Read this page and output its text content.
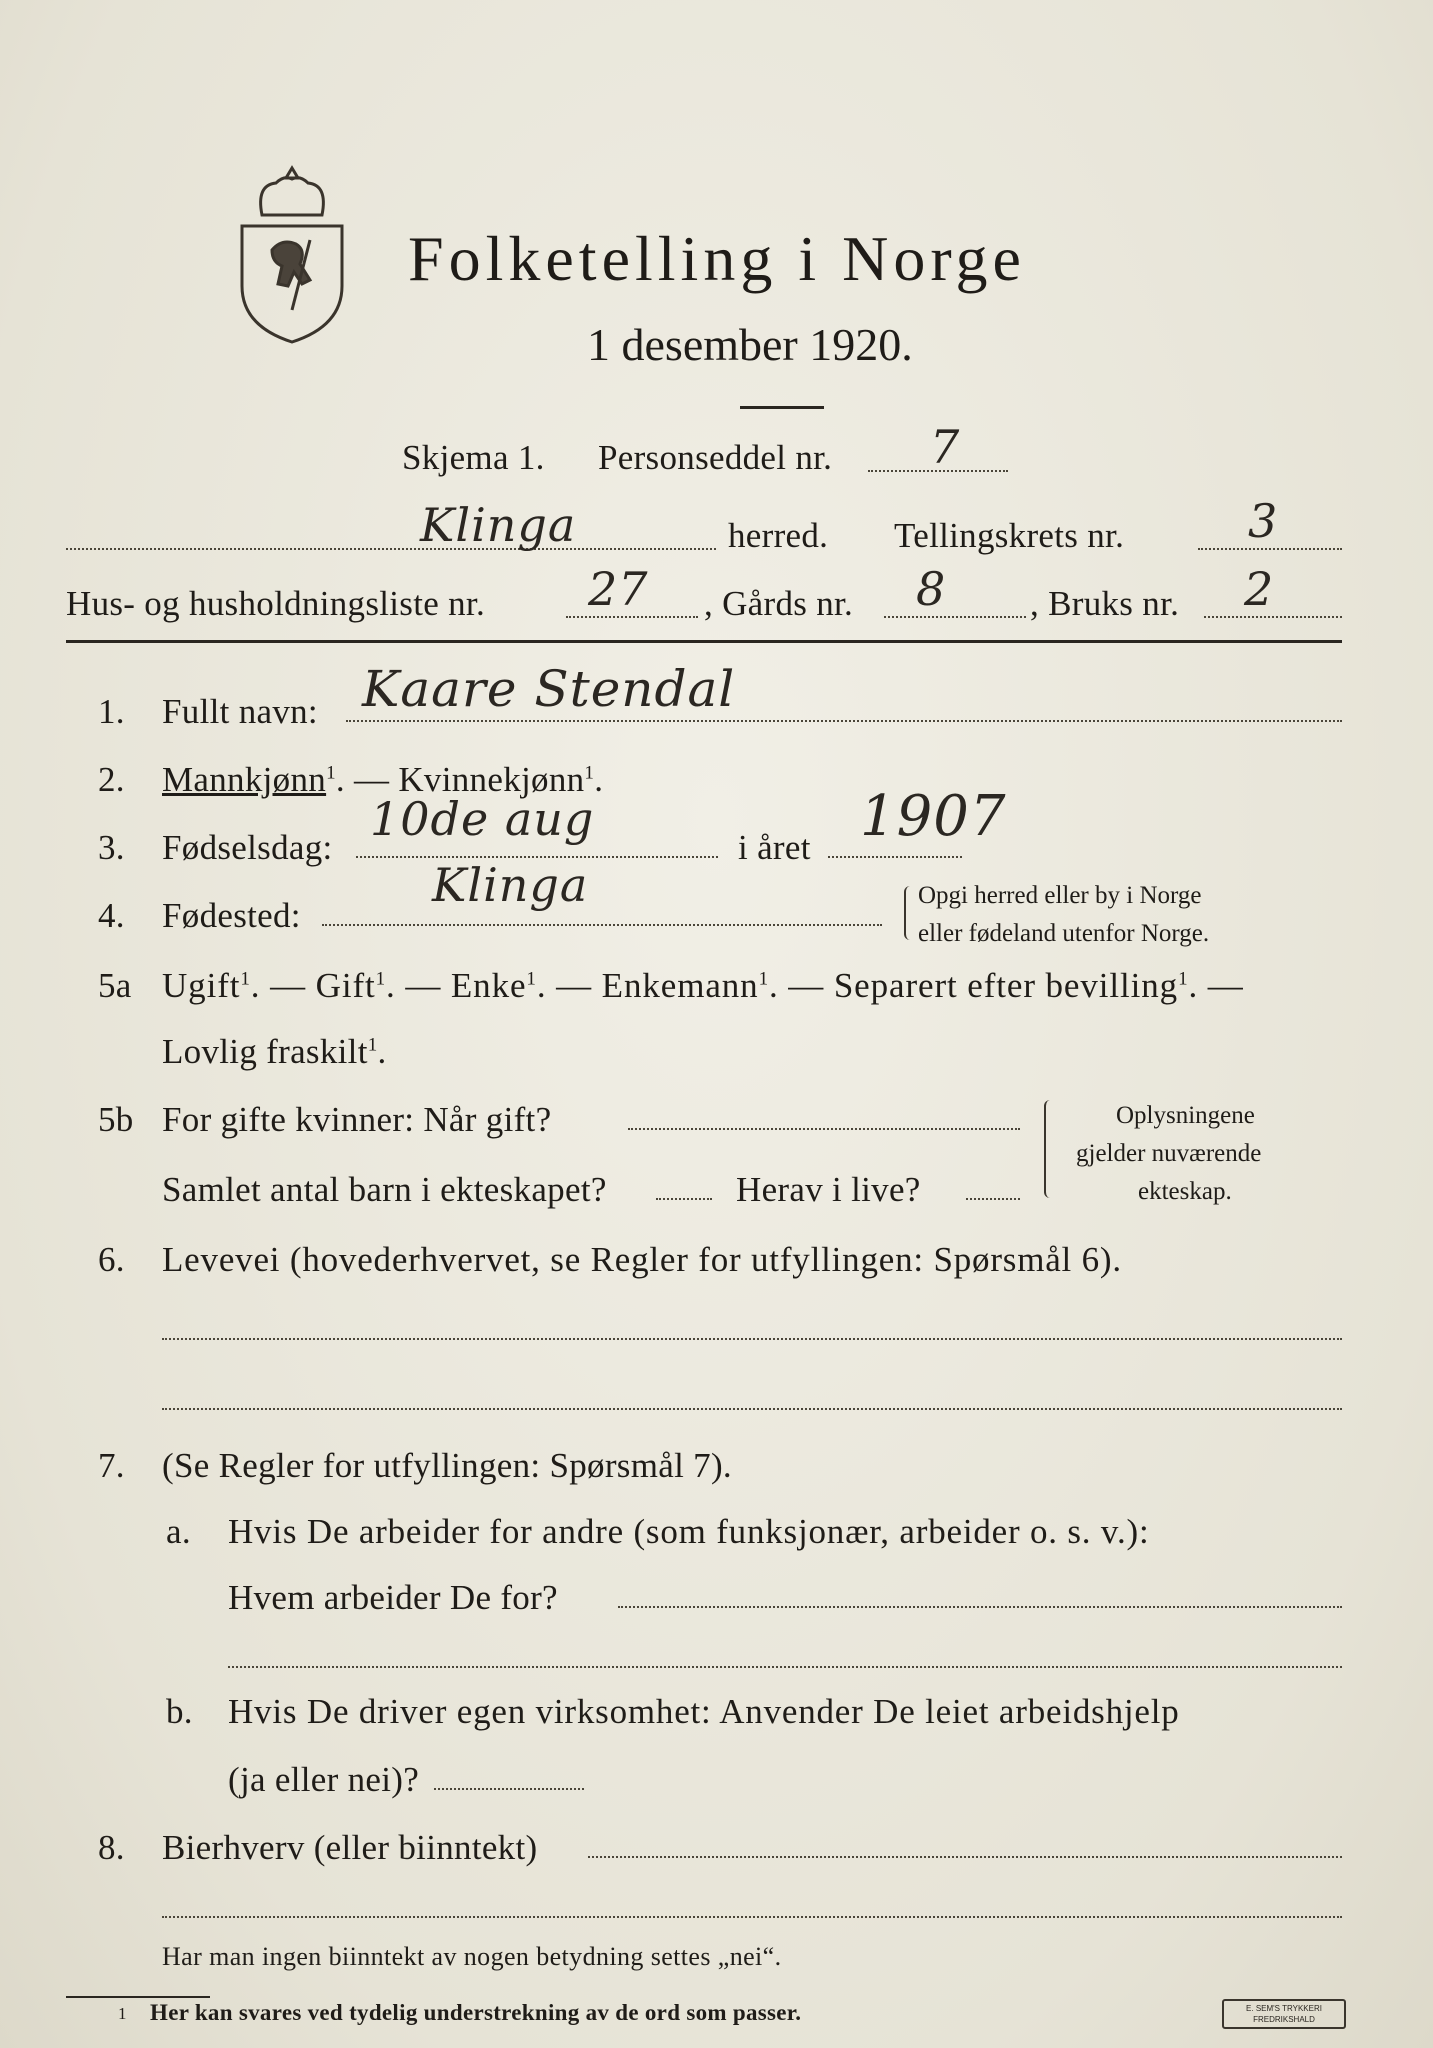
Folketelling i Norge
1 desember 1920.
Skjema 1. Personseddel nr. 7
Klinga	herred. Tellingskrets nr.	3
Hus- og husholdningsliste nr. 27 , Gårds nr. 8 , Bruks nr. 2
1. Fullt navn: Kaare Stendal
2. Mannkjønn$^1$. — Kvinnekjønn$^1$.
3. Fødselsdag:
10de aug
i året 1907
4. Fødested:
Klinga	Opgi herred eller by i Norge
eller fødeland utenfor Norge.
5a Ugift$^1$. — Gift$^1$. — Enke$^1$. — Enkemann$^1$. — Separert efter bevilling$^1$. —
Lovlig fraskilt$^1$.
5b For gifte kvinner: Når gift?
Samlet antal barn i ekteskapet?	Herav i live?
Oplysningene
gjelder nuværende
ekteskap.
6. Levevei (hovederhvervet, se Regler for utfyllingen: Spørsmål 6).
7. (Se Regler for utfyllingen: Spørsmål 7).
a. Hvis De arbeider for andre (som funksjonær, arbeider o. s. v.):
Hvem arbeider De for?
b. Hvis De driver egen virksomhet: Anvender De leiet arbeidshjelp
(ja eller nei)?
8. Bierhverv (eller biinntekt)
Har man ingen biinntekt av nogen betydning settes „nei“.
1 Her kan svares ved tydelig understrekning av de ord som passer.	E. SEM'S TRYKKERI
FREDRIKSHALD
